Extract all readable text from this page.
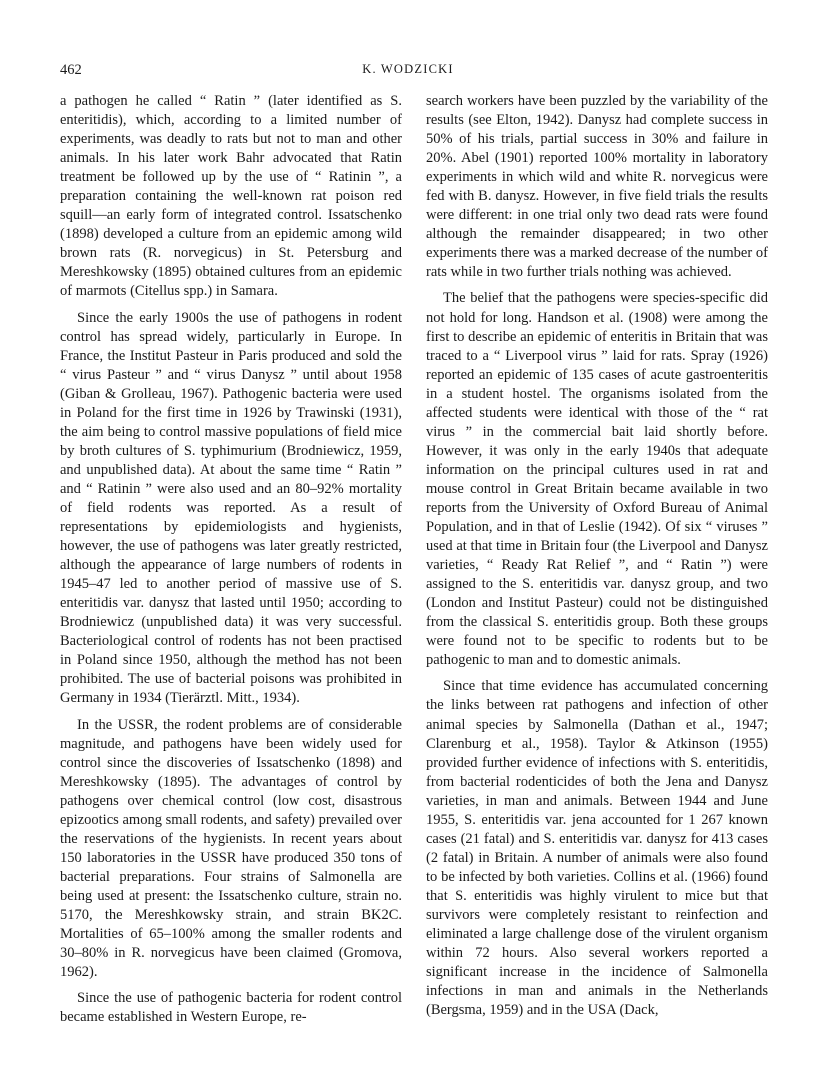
462	K. WODZICKI

a pathogen he called “ Ratin ” (later identified as S. enteritidis), which, according to a limited number of experiments, was deadly to rats but not to man and other animals. In his later work Bahr advocated that Ratin treatment be followed up by the use of “ Ratinin ”, a preparation containing the well-known rat poison red squill—an early form of integrated control. Issatschenko (1898) developed a culture from an epidemic among wild brown rats (R. norvegicus) in St. Petersburg and Mereshkowsky (1895) obtained cultures from an epidemic of marmots (Citellus spp.) in Samara.

Since the early 1900s the use of pathogens in rodent control has spread widely, particularly in Europe. In France, the Institut Pasteur in Paris produced and sold the “ virus Pasteur ” and “ virus Danysz ” until about 1958 (Giban & Grolleau, 1967). Pathogenic bacteria were used in Poland for the first time in 1926 by Trawinski (1931), the aim being to control massive populations of field mice by broth cultures of S. typhimurium (Brodniewicz, 1959, and unpublished data). At about the same time “ Ratin ” and “ Ratinin ” were also used and an 80–92% mortality of field rodents was reported. As a result of representations by epidemiologists and hygienists, however, the use of pathogens was later greatly restricted, although the appearance of large numbers of rodents in 1945–47 led to another period of massive use of S. enteritidis var. danysz that lasted until 1950; according to Brodniewicz (unpublished data) it was very successful. Bacteriological control of rodents has not been practised in Poland since 1950, although the method has not been prohibited. The use of bacterial poisons was prohibited in Germany in 1934 (Tierärztl. Mitt., 1934).

In the USSR, the rodent problems are of considerable magnitude, and pathogens have been widely used for control since the discoveries of Issatschenko (1898) and Mereshkowsky (1895). The advantages of control by pathogens over chemical control (low cost, disastrous epizootics among small rodents, and safety) prevailed over the reservations of the hygienists. In recent years about 150 laboratories in the USSR have produced 350 tons of bacterial preparations. Four strains of Salmonella are being used at present: the Issatschenko culture, strain no. 5170, the Mereshkowsky strain, and strain BK2C. Mortalities of 65–100% among the smaller rodents and 30–80% in R. norvegicus have been claimed (Gromova, 1962).

Since the use of pathogenic bacteria for rodent control became established in Western Europe, re-

search workers have been puzzled by the variability of the results (see Elton, 1942). Danysz had complete success in 50% of his trials, partial success in 30% and failure in 20%. Abel (1901) reported 100% mortality in laboratory experiments in which wild and white R. norvegicus were fed with B. danysz. However, in five field trials the results were different: in one trial only two dead rats were found although the remainder disappeared; in two other experiments there was a marked decrease of the number of rats while in two further trials nothing was achieved.

The belief that the pathogens were species-specific did not hold for long. Handson et al. (1908) were among the first to describe an epidemic of enteritis in Britain that was traced to a “ Liverpool virus ” laid for rats. Spray (1926) reported an epidemic of 135 cases of acute gastroenteritis in a student hostel. The organisms isolated from the affected students were identical with those of the “ rat virus ” in the commercial bait laid shortly before. However, it was only in the early 1940s that adequate information on the principal cultures used in rat and mouse control in Great Britain became available in two reports from the University of Oxford Bureau of Animal Population, and in that of Leslie (1942). Of six “ viruses ” used at that time in Britain four (the Liverpool and Danysz varieties, “ Ready Rat Relief ”, and “ Ratin ”) were assigned to the S. enteritidis var. danysz group, and two (London and Institut Pasteur) could not be distinguished from the classical S. enteritidis group. Both these groups were found not to be specific to rodents but to be pathogenic to man and to domestic animals.

Since that time evidence has accumulated concerning the links between rat pathogens and infection of other animal species by Salmonella (Dathan et al., 1947; Clarenburg et al., 1958). Taylor & Atkinson (1955) provided further evidence of infections with S. enteritidis, from bacterial rodenticides of both the Jena and Danysz varieties, in man and animals. Between 1944 and June 1955, S. enteritidis var. jena accounted for 1 267 known cases (21 fatal) and S. enteritidis var. danysz for 413 cases (2 fatal) in Britain. A number of animals were also found to be infected by both varieties. Collins et al. (1966) found that S. enteritidis was highly virulent to mice but that survivors were completely resistant to reinfection and eliminated a large challenge dose of the virulent organism within 72 hours. Also several workers reported a significant increase in the incidence of Salmonella infections in man and animals in the Netherlands (Bergsma, 1959) and in the USA (Dack,
